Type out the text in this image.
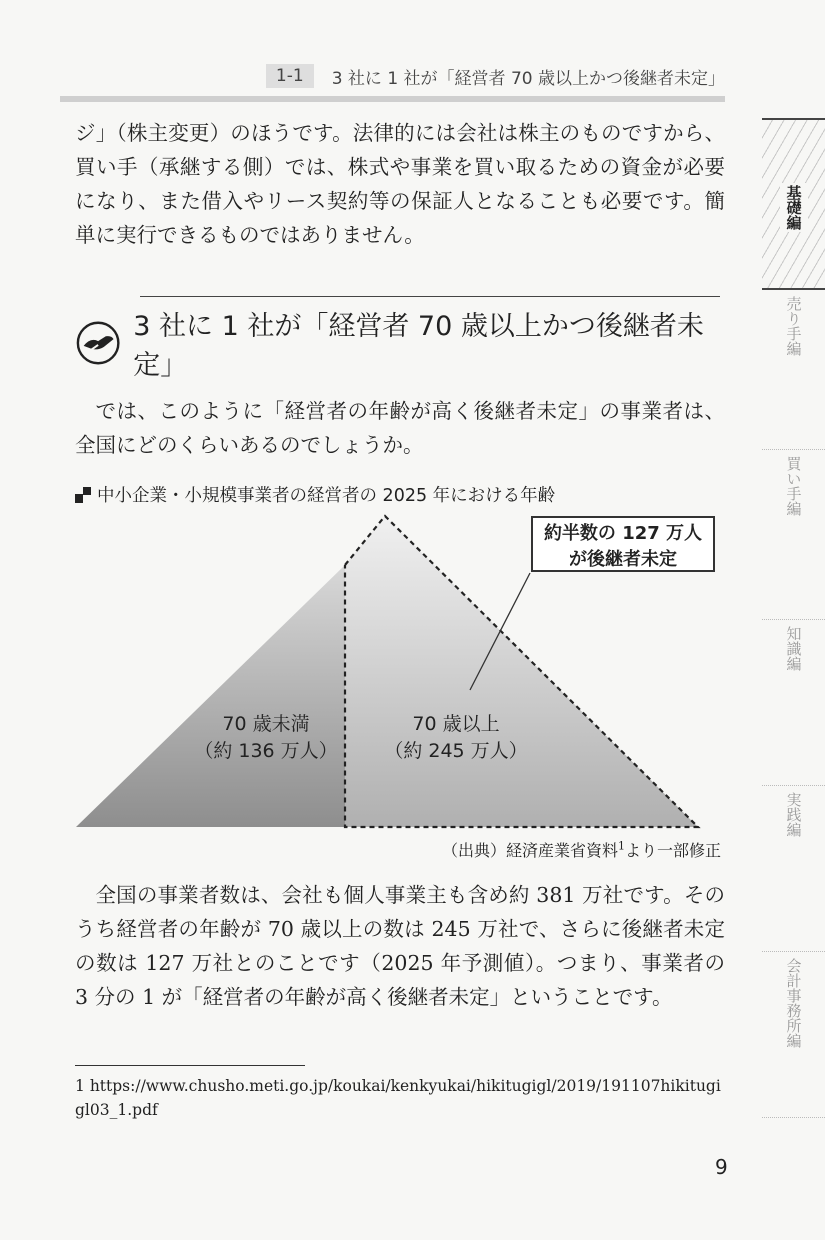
1-1	3 社に 1 社が「経営者 70 歳以上かつ後継者未定」

ジ」（株主変更）のほうです。法律的には会社は株主のものですから、買い手（承継する側）では、株式や事業を買い取るための資金が必要になり、また借入やリース契約等の保証人となることも必要です。簡単に実行できるものではありません。

3 社に 1 社が「経営者 70 歳以上かつ後継者未定」

では、このように「経営者の年齢が高く後継者未定」の事業者は、全国にどのくらいあるのでしょうか。

中小企業・小規模事業者の経営者の 2025 年における年齢
70 歳未満
（約 136 万人）
70 歳以上
（約 245 万人）
約半数の 127 万人
が後継者未定
（出典）経済産業省資料$^1$より一部修正

全国の事業者数は、会社も個人事業主も含め約 381 万社です。そのうち経営者の年齢が 70 歳以上の数は 245 万社で、さらに後継者未定の数は 127 万社とのことです（2025 年予測値）。つまり、事業者の 3 分の 1 が「経営者の年齢が高く後継者未定」ということです。

1 https://www.chusho.meti.go.jp/koukai/kenkyukai/hikitugigl/2019/191107hikitugigl03_1.pdf
9
基礎編
売り手編
買い手編
知識編
実践編
会計事務所編
